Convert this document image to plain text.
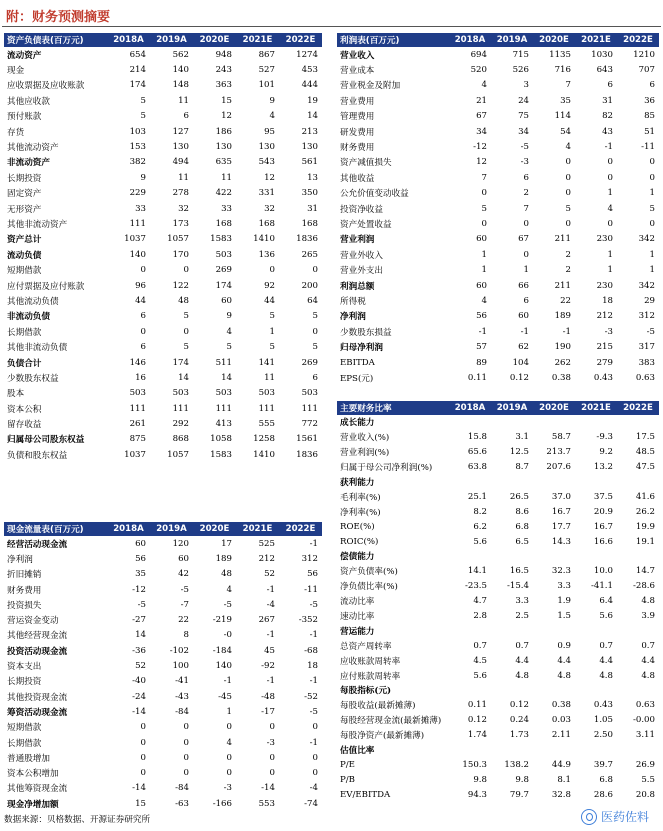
附：财务预测摘要
资产负债表(百万元)	2018A	2019A	2020E	2021E	2022E
流动资产	654	562	948	867	1274
现金	214	140	243	527	453
应收票据及应收账款	174	148	363	101	444
其他应收款	5	11	15	9	19
预付账款	5	6	12	4	14
存货	103	127	186	95	213
其他流动资产	153	130	130	130	130
非流动资产	382	494	635	543	561
长期投资	9	11	11	12	13
固定资产	229	278	422	331	350
无形资产	33	32	33	32	31
其他非流动资产	111	173	168	168	168
资产总计	1037	1057	1583	1410	1836
流动负债	140	170	503	136	265
短期借款	0	0	269	0	0
应付票据及应付账款	96	122	174	92	200
其他流动负债	44	48	60	44	64
非流动负债	6	5	9	5	5
长期借款	0	0	4	1	0
其他非流动负债	6	5	5	5	5
负债合计	146	174	511	141	269
少数股东权益	16	14	14	11	6
股本	503	503	503	503	503
资本公积	111	111	111	111	111
留存收益	261	292	413	555	772
归属母公司股东权益	875	868	1058	1258	1561
负债和股东权益	1037	1057	1583	1410	1836
利润表(百万元)	2018A	2019A	2020E	2021E	2022E
营业收入	694	715	1135	1030	1210
营业成本	520	526	716	643	707
营业税金及附加	4	3	7	6	6
营业费用	21	24	35	31	36
管理费用	67	75	114	82	85
研发费用	34	34	54	43	51
财务费用	-12	-5	4	-1	-11
资产减值损失	12	-3	0	0	0
其他收益	7	6	0	0	0
公允价值变动收益	0	2	0	1	1
投资净收益	5	7	5	4	5
资产处置收益	0	0	0	0	0
营业利润	60	67	211	230	342
营业外收入	1	0	2	1	1
营业外支出	1	1	2	1	1
利润总额	60	66	211	230	342
所得税	4	6	22	18	29
净利润	56	60	189	212	312
少数股东损益	-1	-1	-1	-3	-5
归母净利润	57	62	190	215	317
EBITDA	89	104	262	279	383
EPS(元)	0.11	0.12	0.38	0.43	0.63
主要财务比率	2018A	2019A	2020E	2021E	2022E
成长能力
营业收入(%)	15.8	3.1	58.7	-9.3	17.5
营业利润(%)	65.6	12.5	213.7	9.2	48.5
归属于母公司净利润(%)	63.8	8.7	207.6	13.2	47.5
获利能力
毛利率(%)	25.1	26.5	37.0	37.5	41.6
净利率(%)	8.2	8.6	16.7	20.9	26.2
ROE(%)	6.2	6.8	17.7	16.7	19.9
ROIC(%)	5.6	6.5	14.3	16.6	19.1
偿债能力
资产负债率(%)	14.1	16.5	32.3	10.0	14.7
净负债比率(%)	-23.5	-15.4	3.3	-41.1	-28.6
流动比率	4.7	3.3	1.9	6.4	4.8
速动比率	2.8	2.5	1.5	5.6	3.9
营运能力
总资产周转率	0.7	0.7	0.9	0.7	0.7
应收账款周转率	4.5	4.4	4.4	4.4	4.4
应付账款周转率	5.6	4.8	4.8	4.8	4.8
每股指标(元)
每股收益(最新摊薄)	0.11	0.12	0.38	0.43	0.63
每股经营现金流(最新摊薄)	0.12	0.24	0.03	1.05	-0.00
每股净资产(最新摊薄)	1.74	1.73	2.11	2.50	3.11
估值比率
P/E	150.3	138.2	44.9	39.7	26.9
P/B	9.8	9.8	8.1	6.8	5.5
EV/EBITDA	94.3	79.7	32.8	28.6	20.8
现金流量表(百万元)	2018A	2019A	2020E	2021E	2022E
经营活动现金流	60	120	17	525	-1
净利润	56	60	189	212	312
折旧摊销	35	42	48	52	56
财务费用	-12	-5	4	-1	-11
投资损失	-5	-7	-5	-4	-5
营运资金变动	-27	22	-219	267	-352
其他经营现金流	14	8	-0	-1	-1
投资活动现金流	-36	-102	-184	45	-68
资本支出	52	100	140	-92	18
长期投资	-40	-41	-1	-1	-1
其他投资现金流	-24	-43	-45	-48	-52
筹资活动现金流	-14	-84	1	-17	-5
短期借款	0	0	0	0	0
长期借款	0	0	4	-3	-1
普通股增加	0	0	0	0	0
资本公积增加	0	0	0	0	0
其他筹资现金流	-14	-84	-3	-14	-4
现金净增加额	15	-63	-166	553	-74
数据来源：贝格数据、开源证券研究所	医药佐料
